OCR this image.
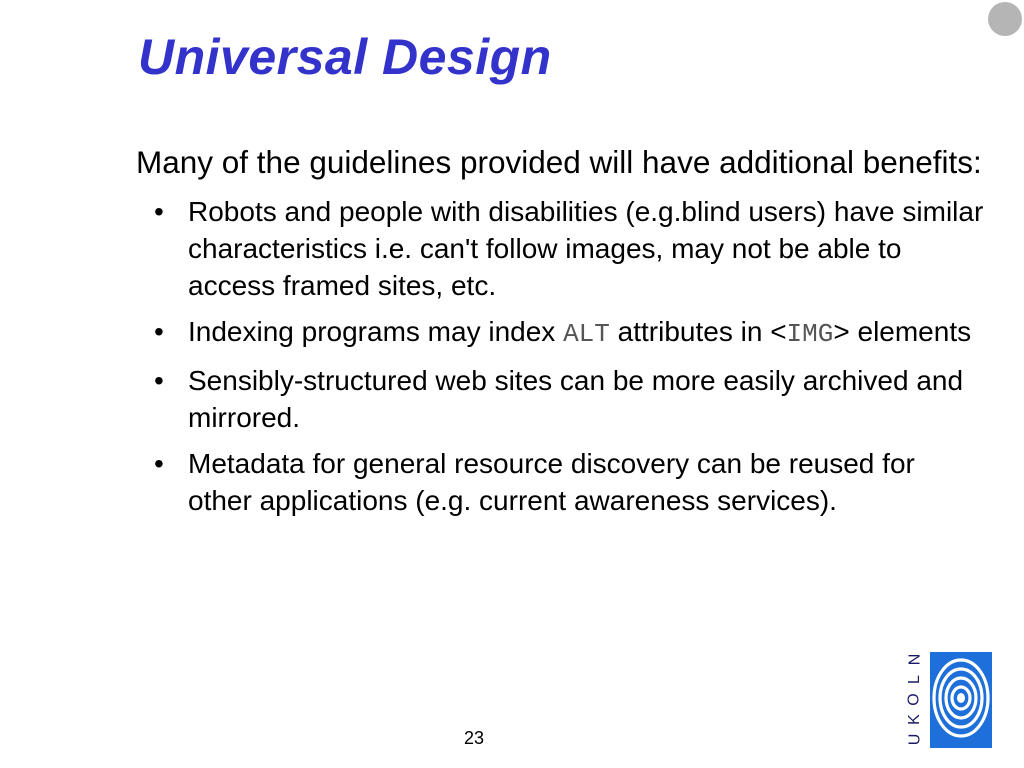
Universal Design

Many of the guidelines provided will have additional benefits:

• Robots and people with disabilities (e.g.blind users) have similar characteristics i.e. can't follow images, may not be able to access framed sites, etc.
• Indexing programs may index ALT attributes in <IMG> elements
• Sensibly-structured web sites can be more easily archived and mirrored.
• Metadata for general resource discovery can be reused for other applications (e.g. current awareness services).
23
N
L
O
K
U
